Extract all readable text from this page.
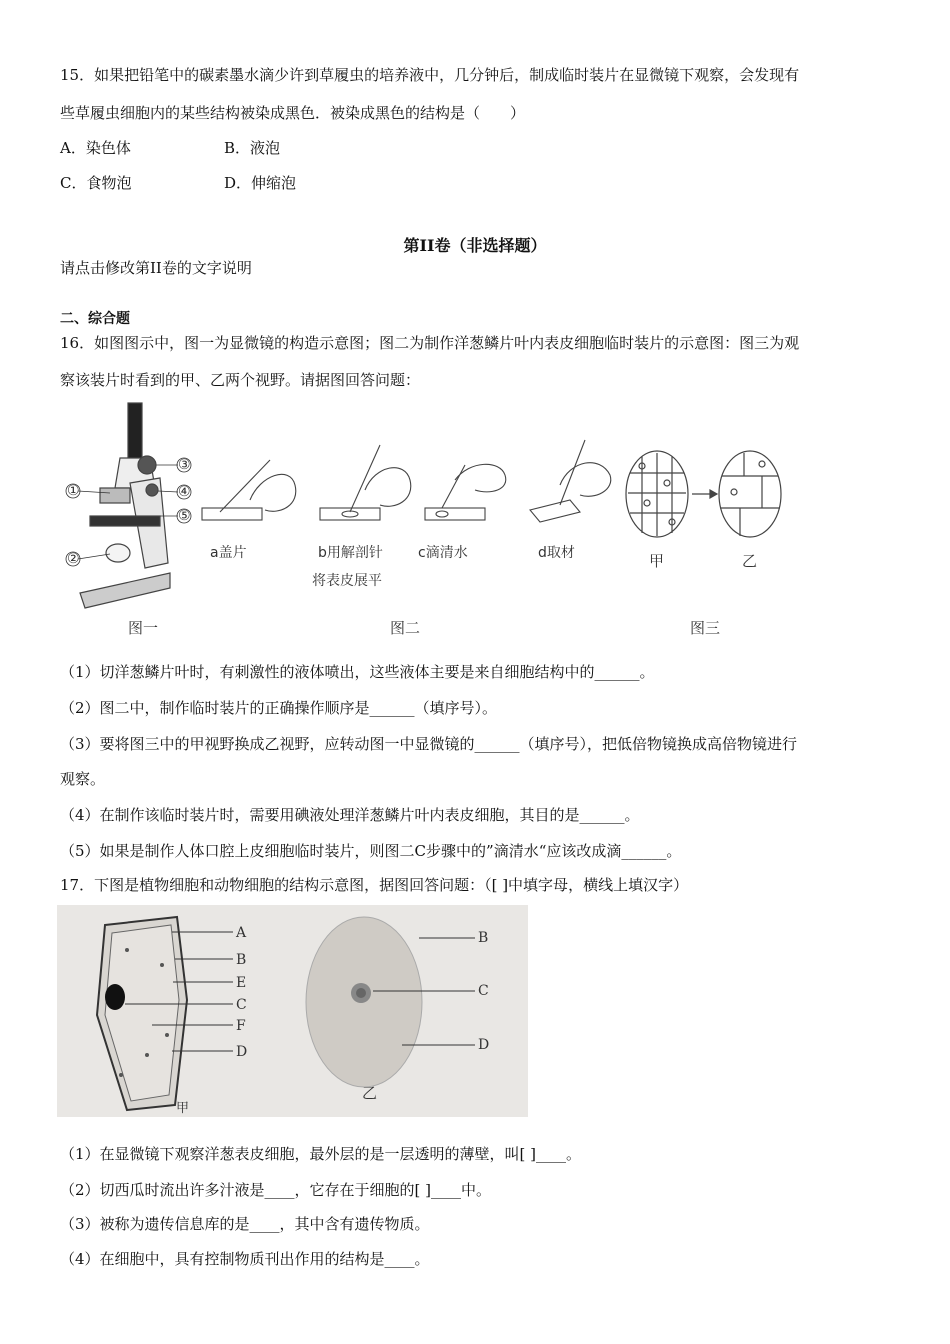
15．如果把铅笔中的碳素墨水滴少许到草履虫的培养液中，几分钟后，制成临时装片在显微镜下观察，会发现有
些草履虫细胞内的某些结构被染成黑色．被染成黑色的结构是（　　）
A．染色体	B．液泡
C．食物泡	D．伸缩泡
第II卷（非选择题）
请点击修改第II卷的文字说明
二、综合题
16．如图图示中，图一为显微镜的构造示意图；图二为制作洋葱鳞片叶内表皮细胞临时装片的示意图：图三为观
察该装片时看到的甲、乙两个视野。请据图回答问题：
①
②
③
④
⑤
a盖片	b用解剖针
将表皮展平
c滴清水	d取材	甲	乙
图一	图二	图三
（1）切洋葱鳞片叶时，有刺激性的液体喷出，这些液体主要是来自细胞结构中的______。
（2）图二中，制作临时装片的正确操作顺序是______（填序号）。
（3）要将图三中的甲视野换成乙视野，应转动图一中显微镜的______（填序号），把低倍物镜换成高倍物镜进行
观察。
（4）在制作该临时装片时，需要用碘液处理洋葱鳞片叶内表皮细胞，其目的是______。
（5）如果是制作人体口腔上皮细胞临时装片，则图二C步骤中的”滴清水“应该改成滴______。
17．下图是植物细胞和动物细胞的结构示意图，据图回答问题：（[ ]中填字母，横线上填汉字）
A
B
E
C
F
D
B
C
D
甲
乙
（1）在显微镜下观察洋葱表皮细胞，最外层的是一层透明的薄壁，叫[ ]____。
（2）切西瓜时流出许多汁液是____，它存在于细胞的[ ]____中。
（3）被称为遗传信息库的是____，其中含有遗传物质。
（4）在细胞中，具有控制物质刊出作用的结构是____。
